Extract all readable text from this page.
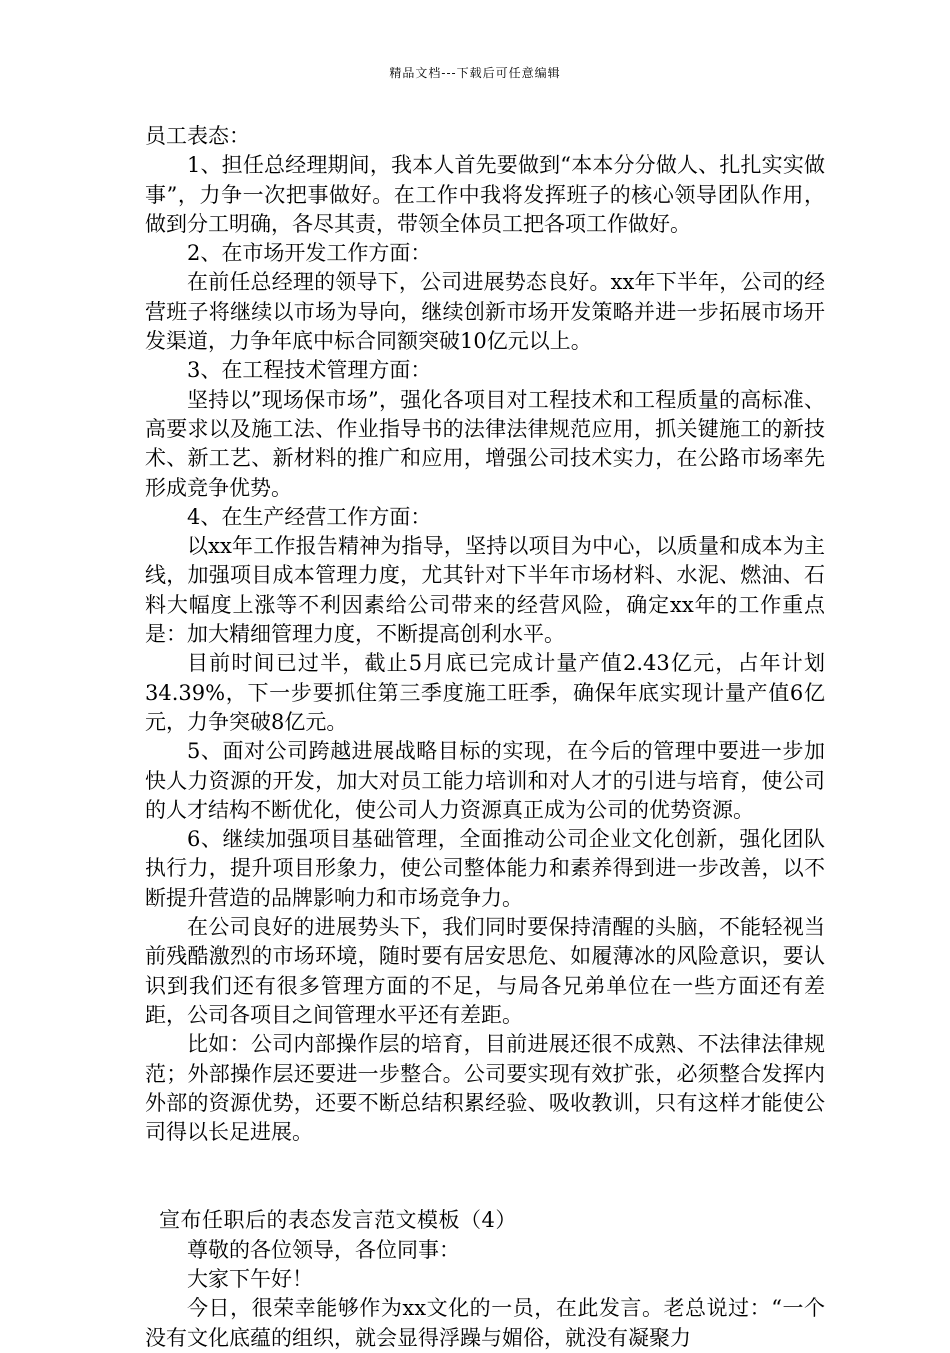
精品文档---下载后可任意编辑

员工表态：

1、担任总经理期间，我本人首先要做到“本本分分做人、扎扎实实做事”，力争一次把事做好。在工作中我将发挥班子的核心领导团队作用，做到分工明确，各尽其责，带领全体员工把各项工作做好。

2、在市场开发工作方面：

在前任总经理的领导下，公司进展势态良好。xx年下半年，公司的经营班子将继续以市场为导向，继续创新市场开发策略并进一步拓展市场开发渠道，力争年底中标合同额突破10亿元以上。

3、在工程技术管理方面：

坚持以”现场保市场”，强化各项目对工程技术和工程质量的高标准、高要求以及施工法、作业指导书的法律法律规范应用，抓关键施工的新技术、新工艺、新材料的推广和应用，增强公司技术实力，在公路市场率先形成竞争优势。

4、在生产经营工作方面：

以xx年工作报告精神为指导，坚持以项目为中心，以质量和成本为主线，加强项目成本管理力度，尤其针对下半年市场材料、水泥、燃油、石料大幅度上涨等不利因素给公司带来的经营风险，确定xx年的工作重点是：加大精细管理力度，不断提高创利水平。

目前时间已过半，截止5月底已完成计量产值2.43亿元，占年计划34.39%，下一步要抓住第三季度施工旺季，确保年底实现计量产值6亿元，力争突破8亿元。

5、面对公司跨越进展战略目标的实现，在今后的管理中要进一步加快人力资源的开发，加大对员工能力培训和对人才的引进与培育，使公司的人才结构不断优化，使公司人力资源真正成为公司的优势资源。

6、继续加强项目基础管理，全面推动公司企业文化创新，强化团队执行力，提升项目形象力，使公司整体能力和素养得到进一步改善，以不断提升营造的品牌影响力和市场竞争力。

在公司良好的进展势头下，我们同时要保持清醒的头脑，不能轻视当前残酷激烈的市场环境，随时要有居安思危、如履薄冰的风险意识，要认识到我们还有很多管理方面的不足，与局各兄弟单位在一些方面还有差距，公司各项目之间管理水平还有差距。

比如：公司内部操作层的培育，目前进展还很不成熟、不法律法律规范；外部操作层还要进一步整合。公司要实现有效扩张，必须整合发挥内外部的资源优势，还要不断总结积累经验、吸收教训，只有这样才能使公司得以长足进展。

宣布任职后的表态发言范文模板（4）

尊敬的各位领导，各位同事：

大家下午好！

今日，很荣幸能够作为xx文化的一员，在此发言。老总说过：“一个没有文化底蕴的组织，就会显得浮躁与媚俗，就没有凝聚力
